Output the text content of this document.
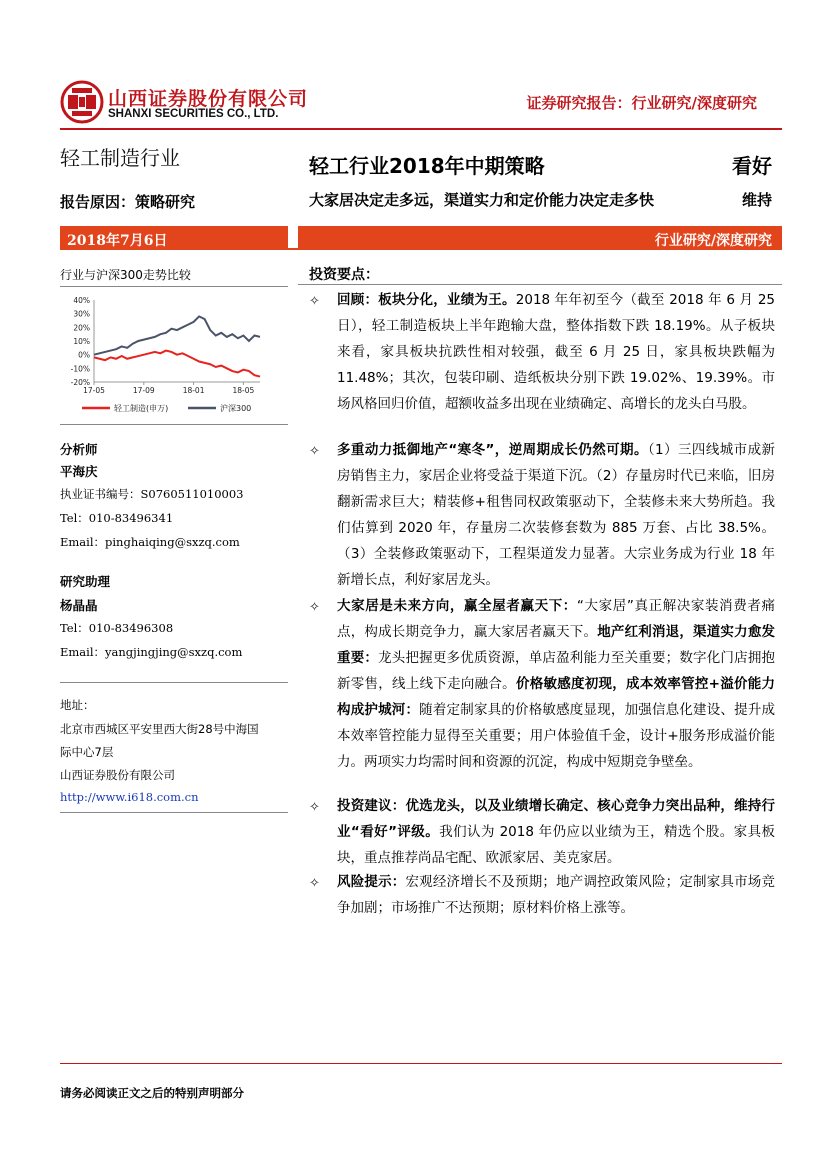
山西证券股份有限公司
SHANXI SECURITIES CO., LTD.
证券研究报告：行业研究/深度研究
轻工制造行业
报告原因：策略研究
轻工行业2018年中期策略	看好
大家居决定走多远，渠道实力和定价能力决定走多快	维持
2018年7月6日	行业研究/深度研究
行业与沪深300走势比较
40%
30%
20%
10%
0%
-10%
-20%
17-05	17-09	18-01	18-05
轻工制造(申万)	沪深300
分析师
平海庆
执业证书编号：S0760511010003
Tel：010-83496341
Email：pinghaiqing@sxzq.com
研究助理
杨晶晶
Tel：010-83496308
Email：yangjingjing@sxzq.com
地址：
北京市西城区平安里西大街28号中海国
际中心7层
山西证券股份有限公司
http://www.i618.com.cn
投资要点：
✧ 回顾：板块分化，业绩为王。2018 年年初至今（截至 2018 年 6 月 25 日），轻工制造板块上半年跑输大盘，整体指数下跌 18.19%。从子板块来看，家具板块抗跌性相对较强，截至 6 月 25 日，家具板块跌幅为 11.48%；其次，包装印刷、造纸板块分别下跌 19.02%、19.39%。市场风格回归价值，超额收益多出现在业绩确定、高增长的龙头白马股。
✧ 多重动力抵御地产“寒冬”，逆周期成长仍然可期。（1）三四线城市成新房销售主力，家居企业将受益于渠道下沉。（2）存量房时代已来临，旧房翻新需求巨大；精装修+租售同权政策驱动下，全装修未来大势所趋。我们估算到 2020 年，存量房二次装修套数为 885 万套、占比 38.5%。（3）全装修政策驱动下，工程渠道发力显著。大宗业务成为行业 18 年新增长点，利好家居龙头。
✧ 大家居是未来方向，赢全屋者赢天下：“大家居”真正解决家装消费者痛点，构成长期竞争力，赢大家居者赢天下。地产红利消退，渠道实力愈发重要：龙头把握更多优质资源，单店盈利能力至关重要；数字化门店拥抱新零售，线上线下走向融合。价格敏感度初现，成本效率管控+溢价能力构成护城河：随着定制家具的价格敏感度显现，加强信息化建设、提升成本效率管控能力显得至关重要；用户体验值千金，设计+服务形成溢价能力。两项实力均需时间和资源的沉淀，构成中短期竞争壁垒。
✧ 投资建议：优选龙头，以及业绩增长确定、核心竞争力突出品种，维持行业“看好”评级。我们认为 2018 年仍应以业绩为王，精选个股。家具板块，重点推荐尚品宅配、欧派家居、美克家居。
✧ 风险提示：宏观经济增长不及预期；地产调控政策风险；定制家具市场竞争加剧；市场推广不达预期；原材料价格上涨等。
请务必阅读正文之后的特别声明部分
